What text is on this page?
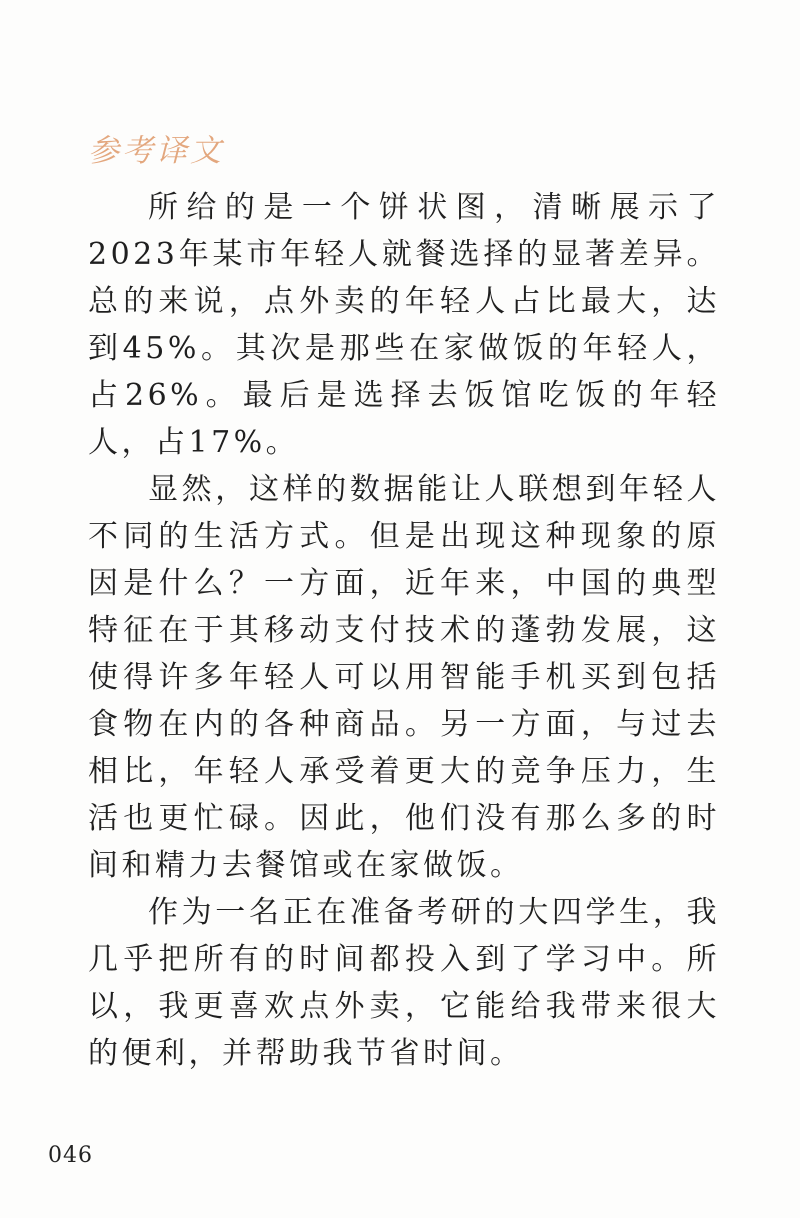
参考译文

所给的是一个饼状图，清晰展示了2023年某市年轻人就餐选择的显著差异。总的来说，点外卖的年轻人占比最大，达到45%。其次是那些在家做饭的年轻人，占26%。最后是选择去饭馆吃饭的年轻人，占17%。

显然，这样的数据能让人联想到年轻人不同的生活方式。但是出现这种现象的原因是什么？一方面，近年来，中国的典型特征在于其移动支付技术的蓬勃发展，这使得许多年轻人可以用智能手机买到包括食物在内的各种商品。另一方面，与过去相比，年轻人承受着更大的竞争压力，生活也更忙碌。因此，他们没有那么多的时间和精力去餐馆或在家做饭。

作为一名正在准备考研的大四学生，我几乎把所有的时间都投入到了学习中。所以，我更喜欢点外卖，它能给我带来很大的便利，并帮助我节省时间。

046
